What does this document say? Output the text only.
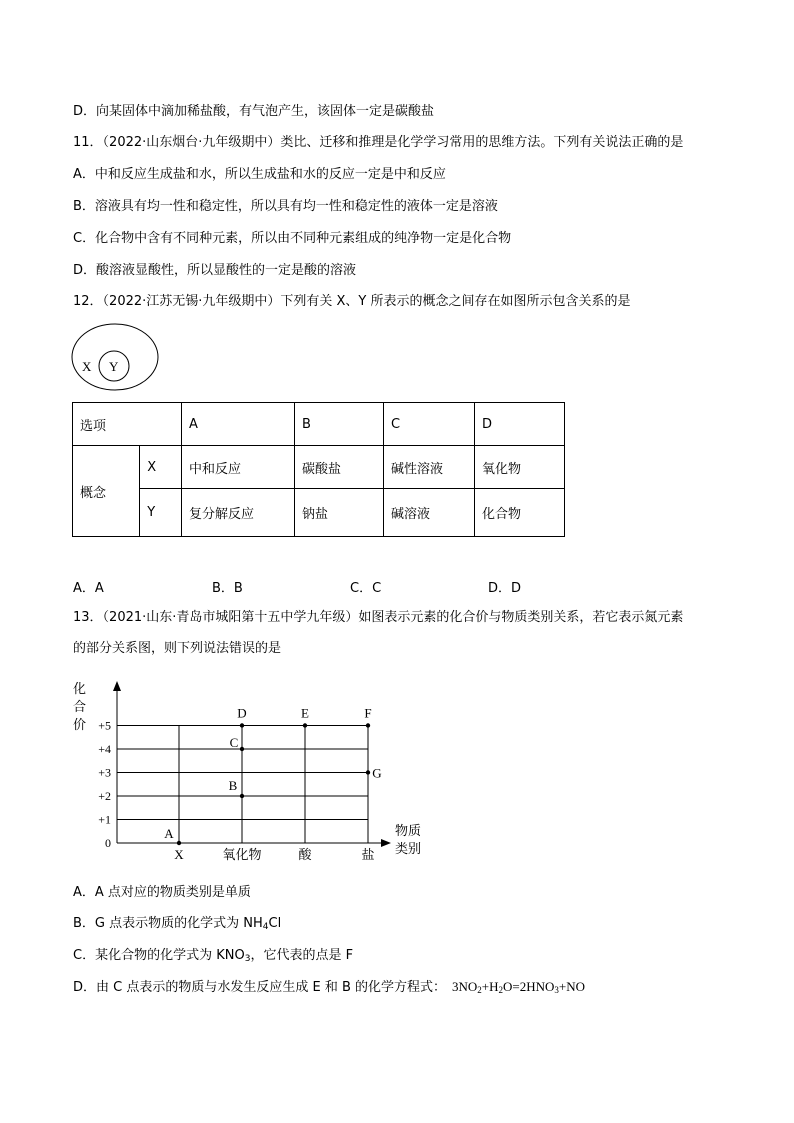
D．向某固体中滴加稀盐酸，有气泡产生，该固体一定是碳酸盐
11．（2022·山东烟台·九年级期中）类比、迁移和推理是化学学习常用的思维方法。下列有关说法正确的是
A．中和反应生成盐和水，所以生成盐和水的反应一定是中和反应
B．溶液具有均一性和稳定性，所以具有均一性和稳定性的液体一定是溶液
C．化合物中含有不同种元素，所以由不同种元素组成的纯净物一定是化合物
D．酸溶液显酸性，所以显酸性的一定是酸的溶液
12．（2022·江苏无锡·九年级期中）下列有关 X、Y 所表示的概念之间存在如图所示包含关系的是
X Y
选项		A	B	C	D
概念	X	中和反应	碳酸盐	碱性溶液	氧化物
	Y	复分解反应	钠盐	碱溶液	化合物
A．A	B．B	C．C	D．D
13．（2021·山东·青岛市城阳第十五中学九年级）如图表示元素的化合价与物质类别关系，若它表示氮元素
的部分关系图，则下列说法错误的是
化
合
价
物质
类别
0
+1
+2
+3
+4
+5
X	氧化物	酸	盐
A
B
C
D	E	F
G
A．A 点对应的物质类别是单质
B．G 点表示物质的化学式为 $NH_4Cl$
C．某化合物的化学式为 $KNO_3$，它代表的点是 F
D．由 C 点表示的物质与水发生反应生成 E 和 B 的化学方程式： $3NO_2+H_2O=2HNO_3+NO$
